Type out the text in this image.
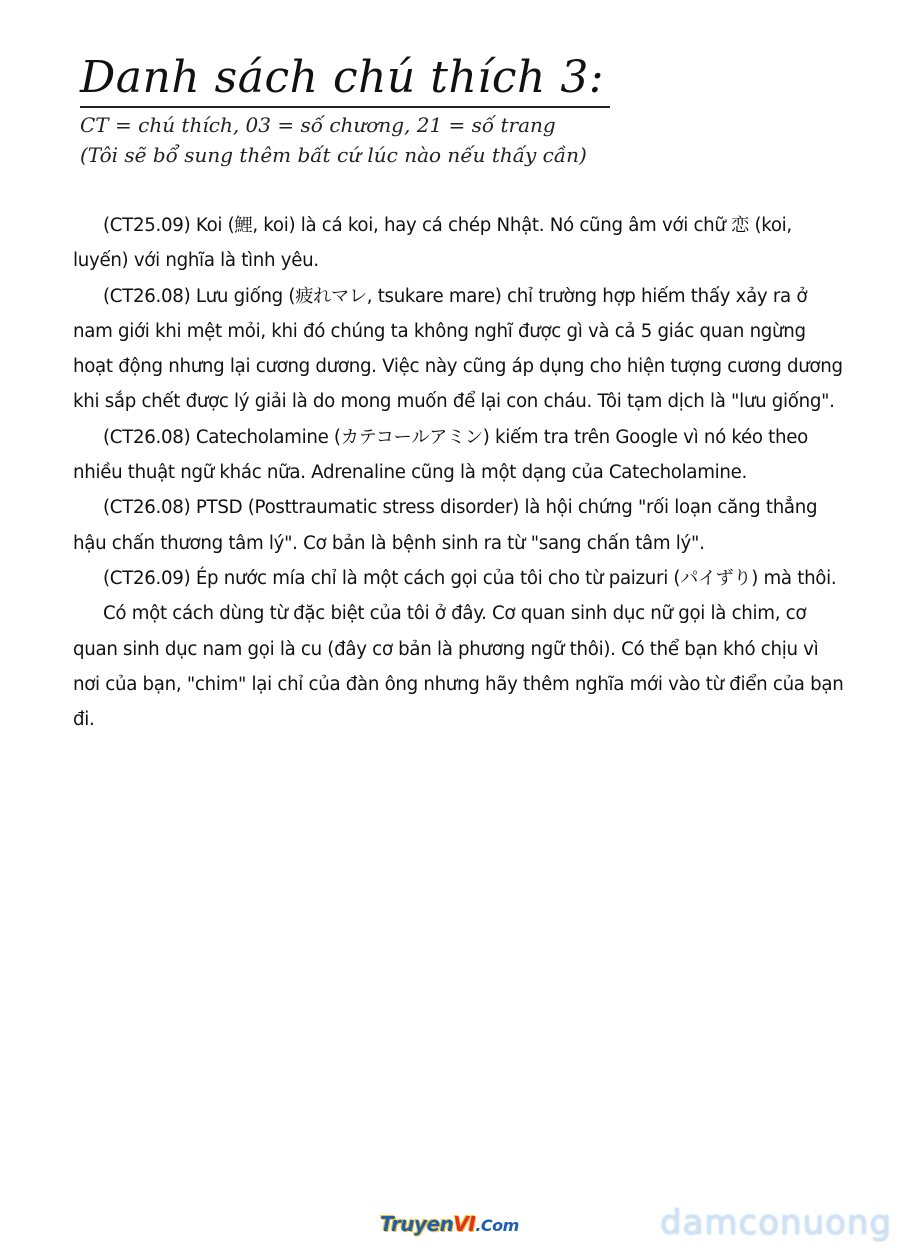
Danh sách chú thích 3:
CT = chú thích, 03 = số chương, 21 = số trang
(Tôi sẽ bổ sung thêm bất cứ lúc nào nếu thấy cần)

(CT25.09) Koi (鯉, koi) là cá koi, hay cá chép Nhật. Nó cũng âm với chữ 恋 (koi, luyến) với nghĩa là tình yêu.

(CT26.08) Lưu giống (疲れマレ, tsukare mare) chỉ trường hợp hiếm thấy xảy ra ở nam giới khi mệt mỏi, khi đó chúng ta không nghĩ được gì và cả 5 giác quan ngừng hoạt động nhưng lại cương dương. Việc này cũng áp dụng cho hiện tượng cương dương khi sắp chết được lý giải là do mong muốn để lại con cháu. Tôi tạm dịch là "lưu giống".

(CT26.08) Catecholamine (カテコールアミン) kiếm tra trên Google vì nó kéo theo nhiều thuật ngữ khác nữa. Adrenaline cũng là một dạng của Catecholamine.

(CT26.08) PTSD (Posttraumatic stress disorder) là hội chứng "rối loạn căng thẳng hậu chấn thương tâm lý". Cơ bản là bệnh sinh ra từ "sang chấn tâm lý".

(CT26.09) Ép nước mía chỉ là một cách gọi của tôi cho từ paizuri (パイずり) mà thôi.

Có một cách dùng từ đặc biệt của tôi ở đây. Cơ quan sinh dục nữ gọi là chim, cơ quan sinh dục nam gọi là cu (đây cơ bản là phương ngữ thôi). Có thể bạn khó chịu vì nơi của bạn, "chim" lại chỉ của đàn ông nhưng hãy thêm nghĩa mới vào từ điển của bạn đi.

TruyenVI.Com	damconuong
